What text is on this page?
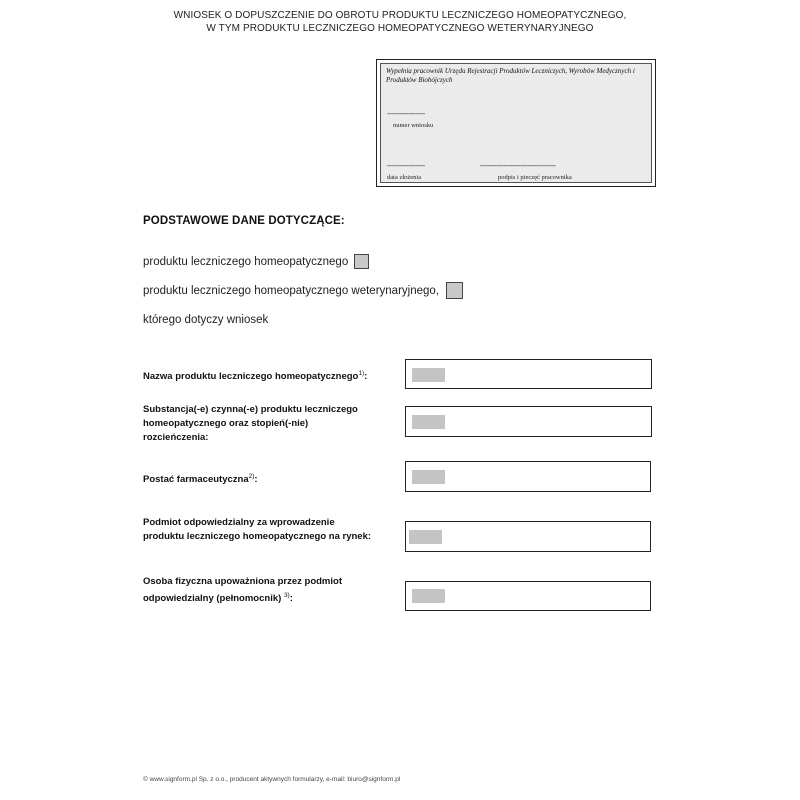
WNIOSEK O DOPUSZCZENIE DO OBROTU PRODUKTU LECZNICZEGO HOMEOPATYCZNEGO,
W TYM PRODUKTU LECZNICZEGO HOMEOPATYCZNEGO WETERYNARYJNEGO
Wypełnia pracownik Urzędu Rejestracji Produktów Leczniczych, Wyrobów Medycznych i Produktów Biobójczych
----------------
numer wniosku
----------------
data złożenia
--------------------------------
podpis i pieczęć pracownika
PODSTAWOWE DANE DOTYCZĄCE:
produktu leczniczego homeopatycznego
produktu leczniczego homeopatycznego weterynaryjnego,
którego dotyczy wniosek
Nazwa produktu leczniczego homeopatycznego$^{1)}$:
Substancja(-e) czynna(-e) produktu leczniczego
homeopatycznego oraz stopień(-nie)
rozcieńczenia:
Postać farmaceutyczna$^{2)}$:
Podmiot odpowiedzialny za wprowadzenie
produktu leczniczego homeopatycznego na rynek:
Osoba fizyczna upoważniona przez podmiot
odpowiedzialny (pełnomocnik) $^{3)}$:
© www.signform.pl Sp. z o.o., producent aktywnych formularzy, e-mail: biuro@signform.pl
